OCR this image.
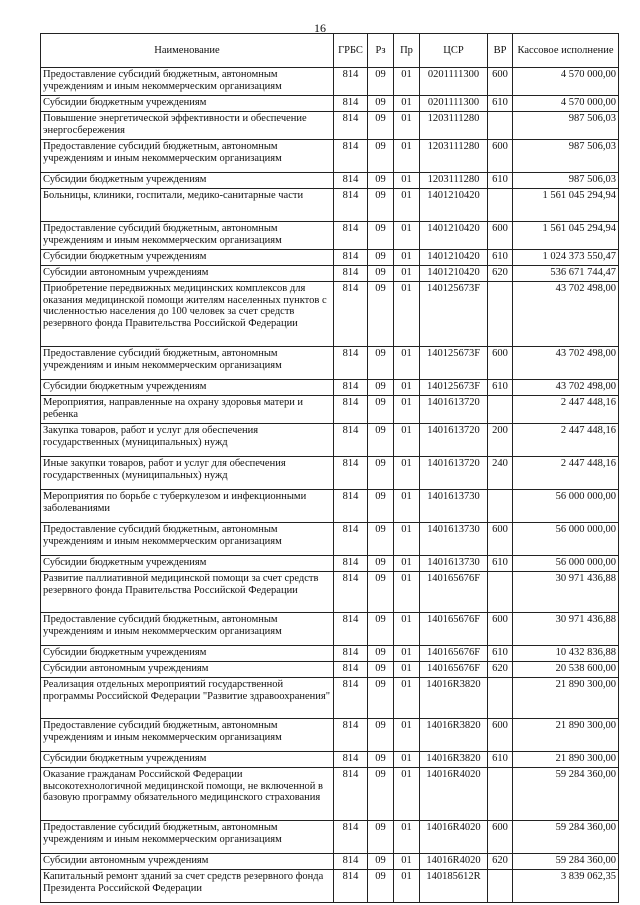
16
Наименование	ГРБС	Рз	Пр	ЦСР	ВР	Кассовое исполнение
Предоставление субсидий бюджетным, автономным учреждениям и иным некоммерческим организациям	814	09	01	0201111300	600	4 570 000,00
Субсидии бюджетным учреждениям	814	09	01	0201111300	610	4 570 000,00
Повышение энергетической эффективности и обеспечение энергосбережения	814	09	01	1203111280		987 506,03
Предоставление субсидий бюджетным, автономным учреждениям и иным некоммерческим организациям	814	09	01	1203111280	600	987 506,03
Субсидии бюджетным учреждениям	814	09	01	1203111280	610	987 506,03
Больницы, клиники, госпитали, медико-санитарные части	814	09	01	1401210420		1 561 045 294,94
Предоставление субсидий бюджетным, автономным учреждениям и иным некоммерческим организациям	814	09	01	1401210420	600	1 561 045 294,94
Субсидии бюджетным учреждениям	814	09	01	1401210420	610	1 024 373 550,47
Субсидии автономным учреждениям	814	09	01	1401210420	620	536 671 744,47
Приобретение передвижных медицинских комплексов для оказания медицинской помощи жителям населенных пунктов с численностью населения до 100 человек за счет средств резервного фонда Правительства Российской Федерации	814	09	01	140125673F		43 702 498,00
Предоставление субсидий бюджетным, автономным учреждениям и иным некоммерческим организациям	814	09	01	140125673F	600	43 702 498,00
Субсидии бюджетным учреждениям	814	09	01	140125673F	610	43 702 498,00
Мероприятия, направленные на охрану здоровья матери и ребенка	814	09	01	1401613720		2 447 448,16
Закупка товаров, работ и услуг для обеспечения государственных (муниципальных) нужд	814	09	01	1401613720	200	2 447 448,16
Иные закупки товаров, работ и услуг для обеспечения государственных (муниципальных) нужд	814	09	01	1401613720	240	2 447 448,16
Мероприятия по борьбе с туберкулезом и инфекционными заболеваниями	814	09	01	1401613730		56 000 000,00
Предоставление субсидий бюджетным, автономным учреждениям и иным некоммерческим организациям	814	09	01	1401613730	600	56 000 000,00
Субсидии бюджетным учреждениям	814	09	01	1401613730	610	56 000 000,00
Развитие паллиативной медицинской помощи за счет средств резервного фонда Правительства Российской Федерации	814	09	01	140165676F		30 971 436,88
Предоставление субсидий бюджетным, автономным учреждениям и иным некоммерческим организациям	814	09	01	140165676F	600	30 971 436,88
Субсидии бюджетным учреждениям	814	09	01	140165676F	610	10 432 836,88
Субсидии автономным учреждениям	814	09	01	140165676F	620	20 538 600,00
Реализация отдельных мероприятий государственной программы Российской Федерации "Развитие здравоохранения"	814	09	01	14016R3820		21 890 300,00
Предоставление субсидий бюджетным, автономным учреждениям и иным некоммерческим организациям	814	09	01	14016R3820	600	21 890 300,00
Субсидии бюджетным учреждениям	814	09	01	14016R3820	610	21 890 300,00
Оказание гражданам Российской Федерации высокотехнологичной медицинской помощи, не включенной в базовую программу обязательного медицинского страхования	814	09	01	14016R4020		59 284 360,00
Предоставление субсидий бюджетным, автономным учреждениям и иным некоммерческим организациям	814	09	01	14016R4020	600	59 284 360,00
Субсидии автономным учреждениям	814	09	01	14016R4020	620	59 284 360,00
Капитальный ремонт зданий за счет средств резервного фонда Президента Российской Федерации	814	09	01	140185612R		3 839 062,35
